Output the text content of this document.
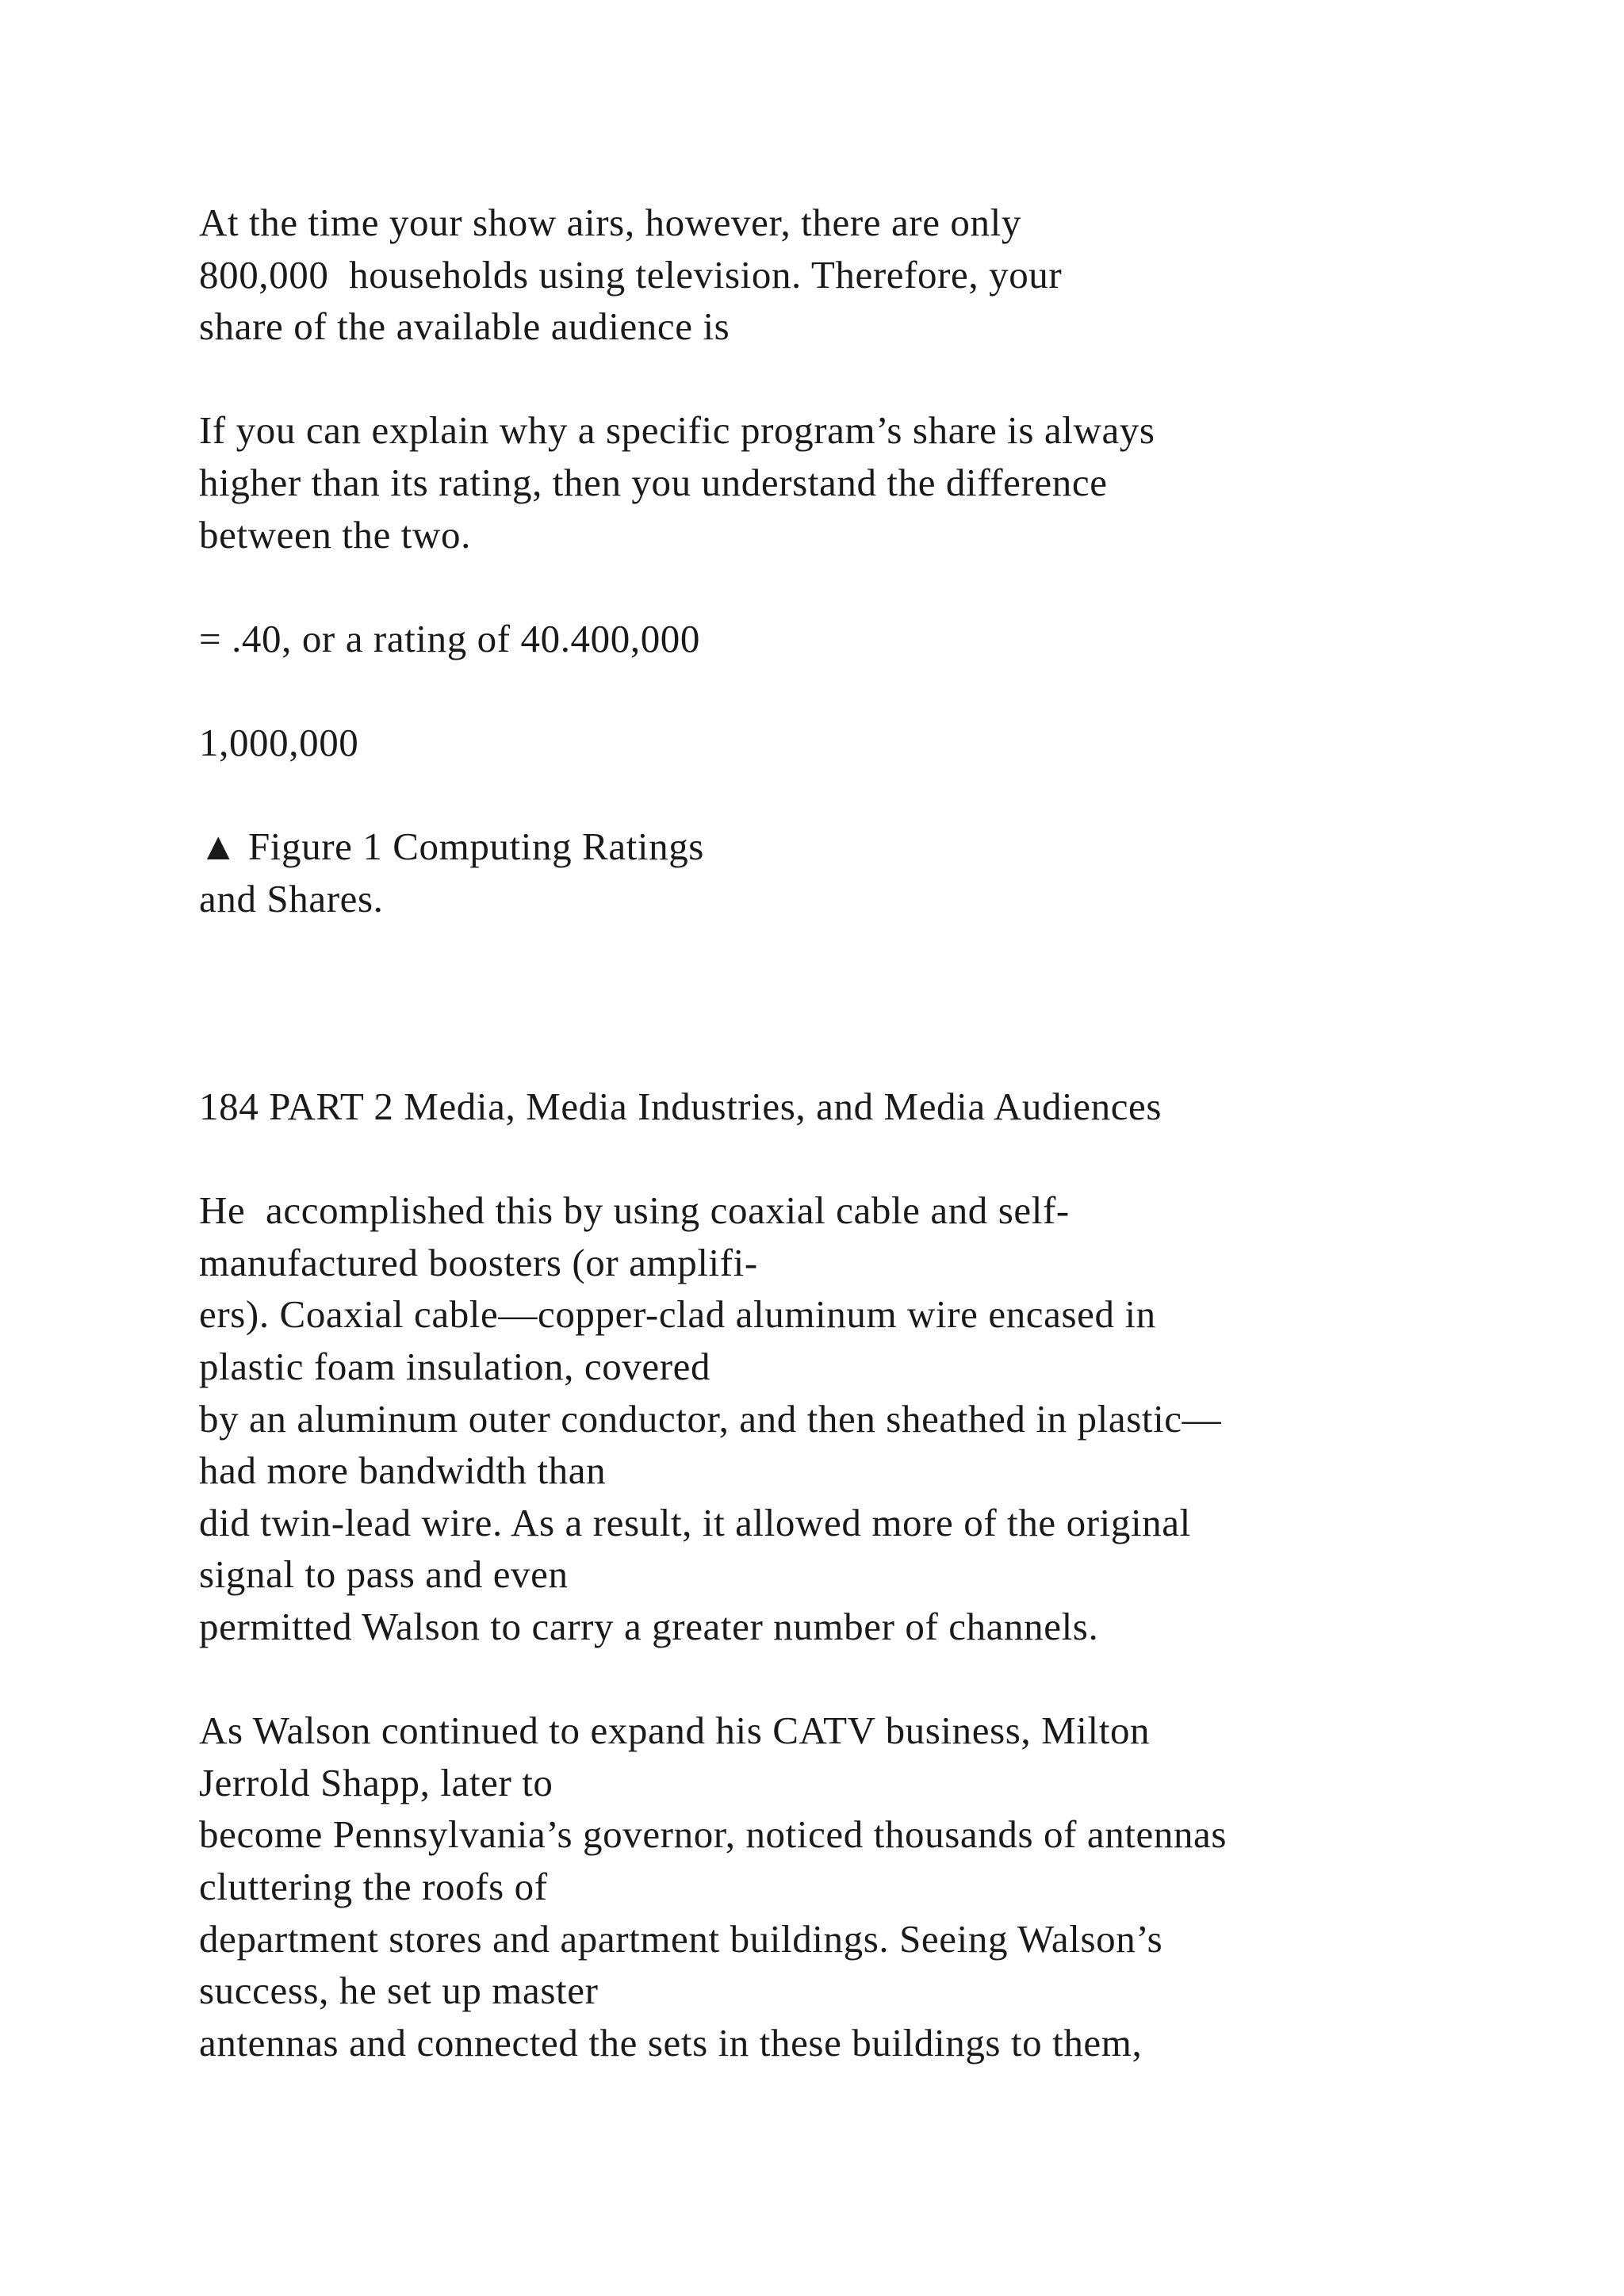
At the time your show airs, however, there are only
800,000  households using television. Therefore, your
share of the available audience is
If you can explain why a specific program’s share is always
higher than its rating, then you understand the difference
between the two.
= .40, or a rating of 40.400,000
1,000,000
▲ Figure 1 Computing Ratings
and Shares.
184 PART 2 Media, Media Industries, and Media Audiences
He  accomplished this by using coaxial cable and self-
manufactured boosters (or amplifi-
ers). Coaxial cable—copper-clad aluminum wire encased in
plastic foam insulation, covered
by an aluminum outer conductor, and then sheathed in plastic—
had more bandwidth than
did twin-lead wire. As a result, it allowed more of the original
signal to pass and even
permitted Walson to carry a greater number of channels.
As Walson continued to expand his CATV business, Milton
Jerrold Shapp, later to
become Pennsylvania’s governor, noticed thousands of antennas
cluttering the roofs of
department stores and apartment buildings. Seeing Walson’s
success, he set up master
antennas and connected the sets in these buildings to them,
